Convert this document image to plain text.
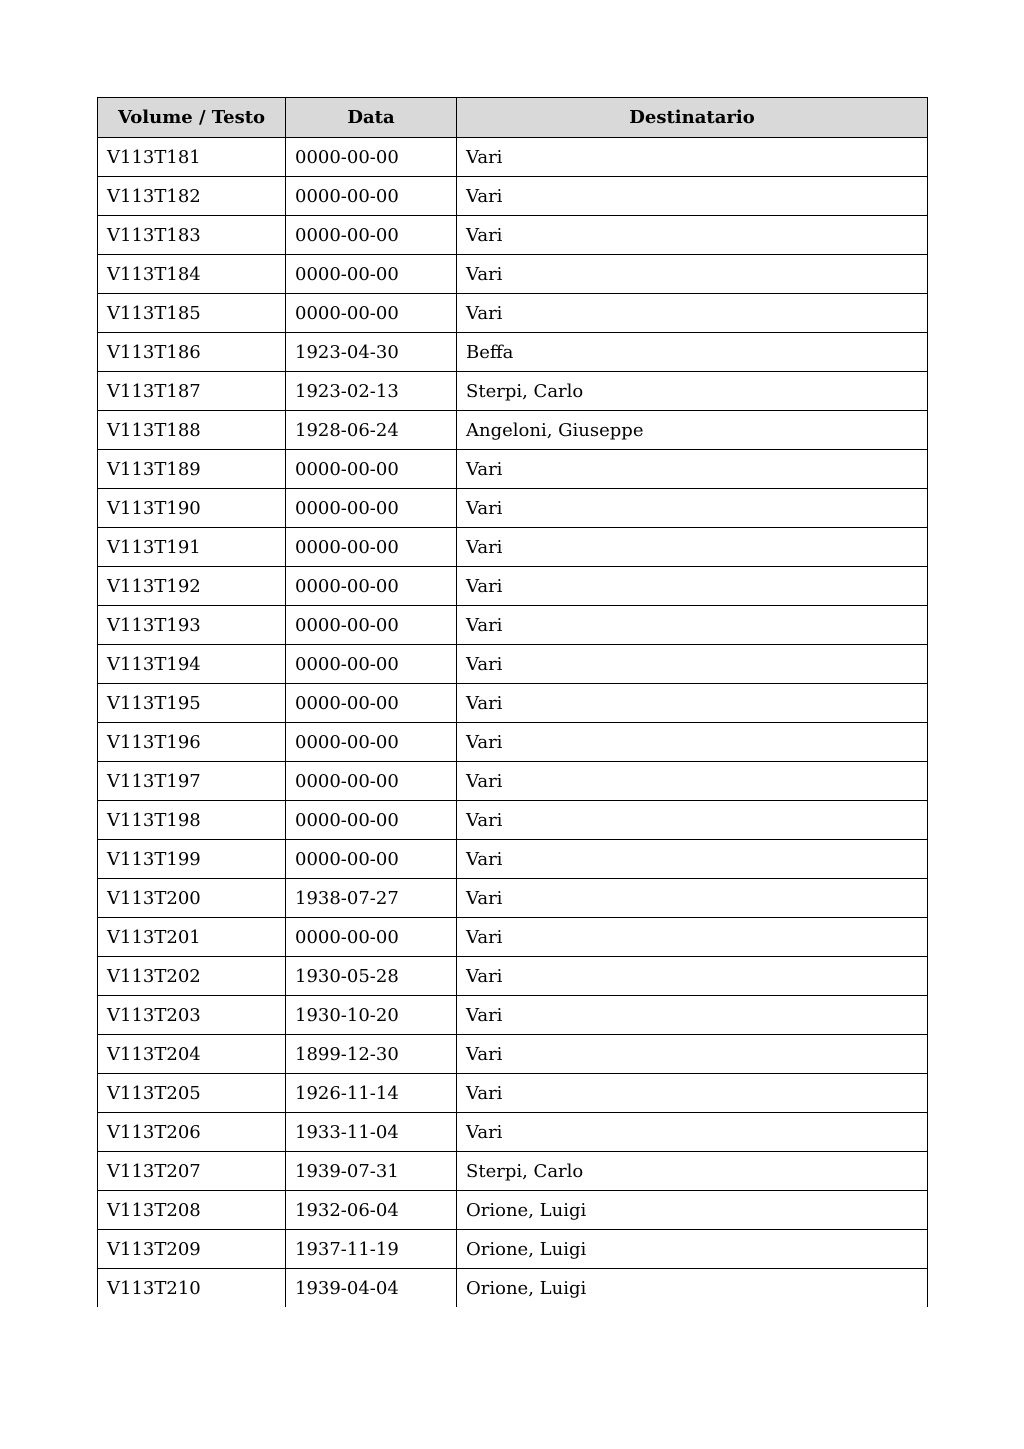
Volume / Testo	Data	Destinatario
V113T181	0000-00-00	Vari
V113T182	0000-00-00	Vari
V113T183	0000-00-00	Vari
V113T184	0000-00-00	Vari
V113T185	0000-00-00	Vari
V113T186	1923-04-30	Beffa
V113T187	1923-02-13	Sterpi, Carlo
V113T188	1928-06-24	Angeloni, Giuseppe
V113T189	0000-00-00	Vari
V113T190	0000-00-00	Vari
V113T191	0000-00-00	Vari
V113T192	0000-00-00	Vari
V113T193	0000-00-00	Vari
V113T194	0000-00-00	Vari
V113T195	0000-00-00	Vari
V113T196	0000-00-00	Vari
V113T197	0000-00-00	Vari
V113T198	0000-00-00	Vari
V113T199	0000-00-00	Vari
V113T200	1938-07-27	Vari
V113T201	0000-00-00	Vari
V113T202	1930-05-28	Vari
V113T203	1930-10-20	Vari
V113T204	1899-12-30	Vari
V113T205	1926-11-14	Vari
V113T206	1933-11-04	Vari
V113T207	1939-07-31	Sterpi, Carlo
V113T208	1932-06-04	Orione, Luigi
V113T209	1937-11-19	Orione, Luigi
V113T210	1939-04-04	Orione, Luigi
